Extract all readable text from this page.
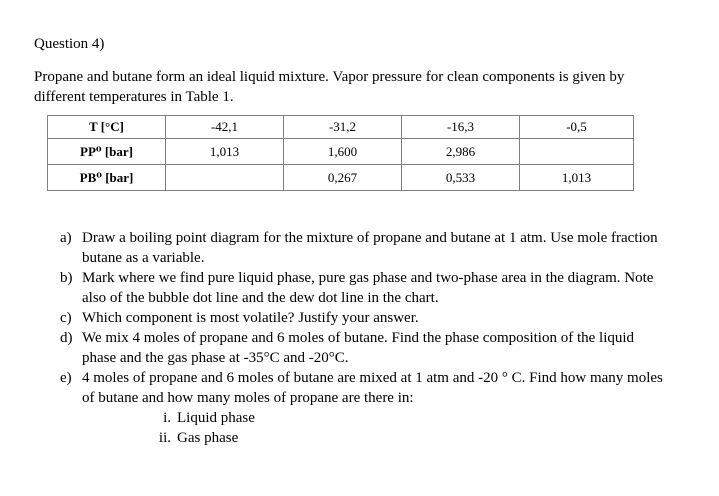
Question 4)
Propane and butane form an ideal liquid mixture. Vapor pressure for clean components is given by different temperatures in Table 1.
T [°C]	-42,1	-31,2	-16,3	-0,5
PP⁰ [bar]	1,013	1,600	2,986	
PB⁰ [bar]		0,267	0,533	1,013
a) Draw a boiling point diagram for the mixture of propane and butane at 1 atm. Use mole fraction butane as a variable.
b) Mark where we find pure liquid phase, pure gas phase and two-phase area in the diagram. Note also of the bubble dot line and the dew dot line in the chart.
c) Which component is most volatile? Justify your answer.
d) We mix 4 moles of propane and 6 moles of butane. Find the phase composition of the liquid phase and the gas phase at -35°C and -20°C.
e) 4 moles of propane and 6 moles of butane are mixed at 1 atm and -20 ° C. Find how many moles of butane and how many moles of propane are there in:
i. Liquid phase
ii. Gas phase
